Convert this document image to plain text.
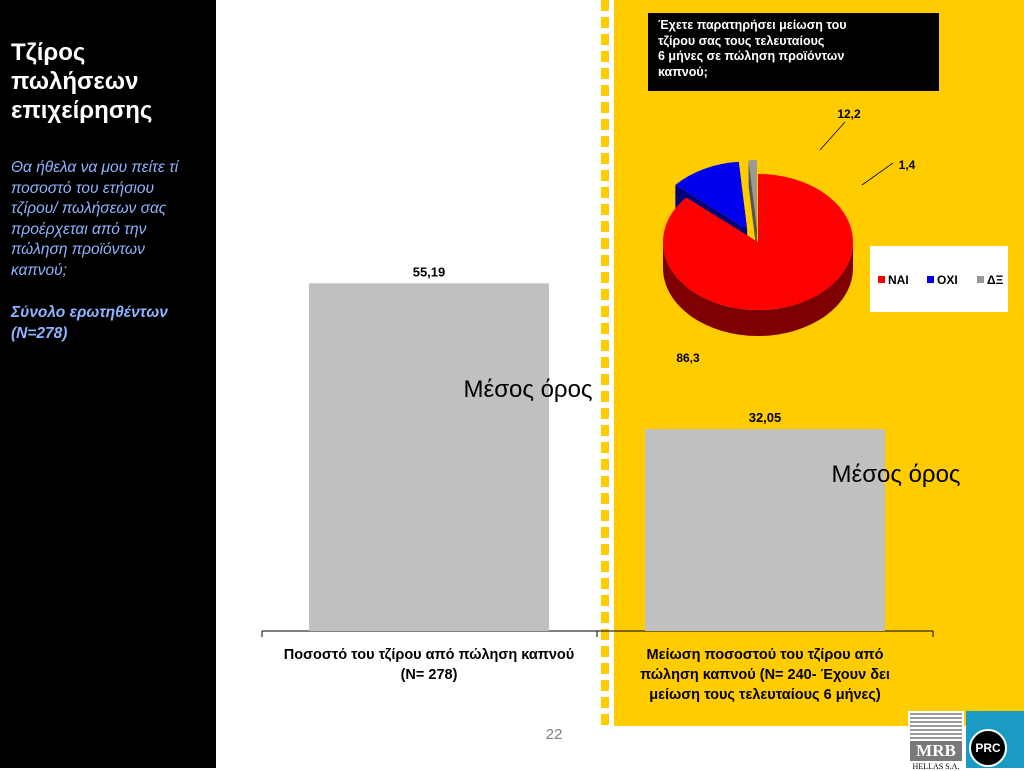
Τζίρος
πωλήσεων
επιχείρησης
Θα ήθελα να μου πείτε τί
ποσοστό του ετήσιου
τζίρου/ πωλήσεων σας
προέρχεται από την
πώληση προϊόντων
καπνού;
Σύνολο ερωτηθέντων
(N=278)
Έχετε παρατηρήσει μείωση του
τζίρου σας τους τελευταίους
6 μήνες σε πώληση προϊόντων
καπνού;
55,19
32,05
Ποσοστό του τζίρου από πώληση καπνού
(N= 278)
Μείωση ποσοστού του τζίρου από
πώληση καπνού (N= 240- Έχουν δει
μείωση τους τελευταίους 6 μήνες)
86,3
12,2
1,4
ΝΑΙ ΟΧΙ ΔΞ
Μέσος όρος
Μέσος όρος
22
MRB
HELLAS S.A.
PRC
